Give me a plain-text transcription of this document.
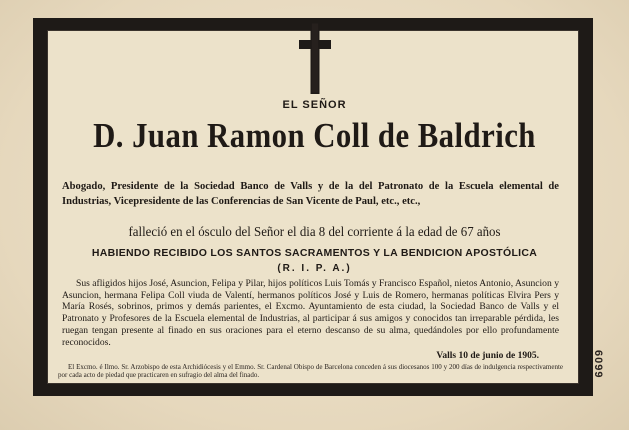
EL SEÑOR
D. Juan Ramon Coll de Baldrich
Abogado, Presidente de la Sociedad Banco de Valls y de la del Patronato de la Escuela elemental de Industrias, Vicepresidente de las Conferencias de San Vicente de Paul, etc., etc.,
falleció en el ósculo del Señor el dia 8 del corriente á la edad de 67 años
HABIENDO RECIBIDO LOS SANTOS SACRAMENTOS Y LA BENDICION APOSTÓLICA
(R. I. P. A.)
Sus afligidos hijos José, Asuncion, Felipa y Pilar, hijos políticos Luis Tomás y Francisco Español, nietos Antonio, Asuncion y Asuncion, hermana Felipa Coll viuda de Valentí, hermanos políticos José y Luis de Romero, hermanas políticas Elvira Pers y María Rosés, sobrinos, primos y demás parientes, el Excmo. Ayuntamiento de esta ciudad, la Sociedad Banco de Valls y el Patronato y Profesores de la Escuela elemental de Industrias, al participar á sus amigos y conocidos tan irreparable pérdida, les ruegan tengan presente al finado en sus oraciones para el eterno descanso de su alma, quedándoles por ello profundamente reconocidos.
Valls 10 de junio de 1905.
El Excmo. é Ilmo. Sr. Arzobispo de esta Archidiócesis y el Emmo. Sr. Cardenal Obispo de Barcelona conceden á sus diocesanos 100 y 200 días de indulgencia respectivamente por cada acto de piedad que practicaren en sufragio del alma del finado.	6099
